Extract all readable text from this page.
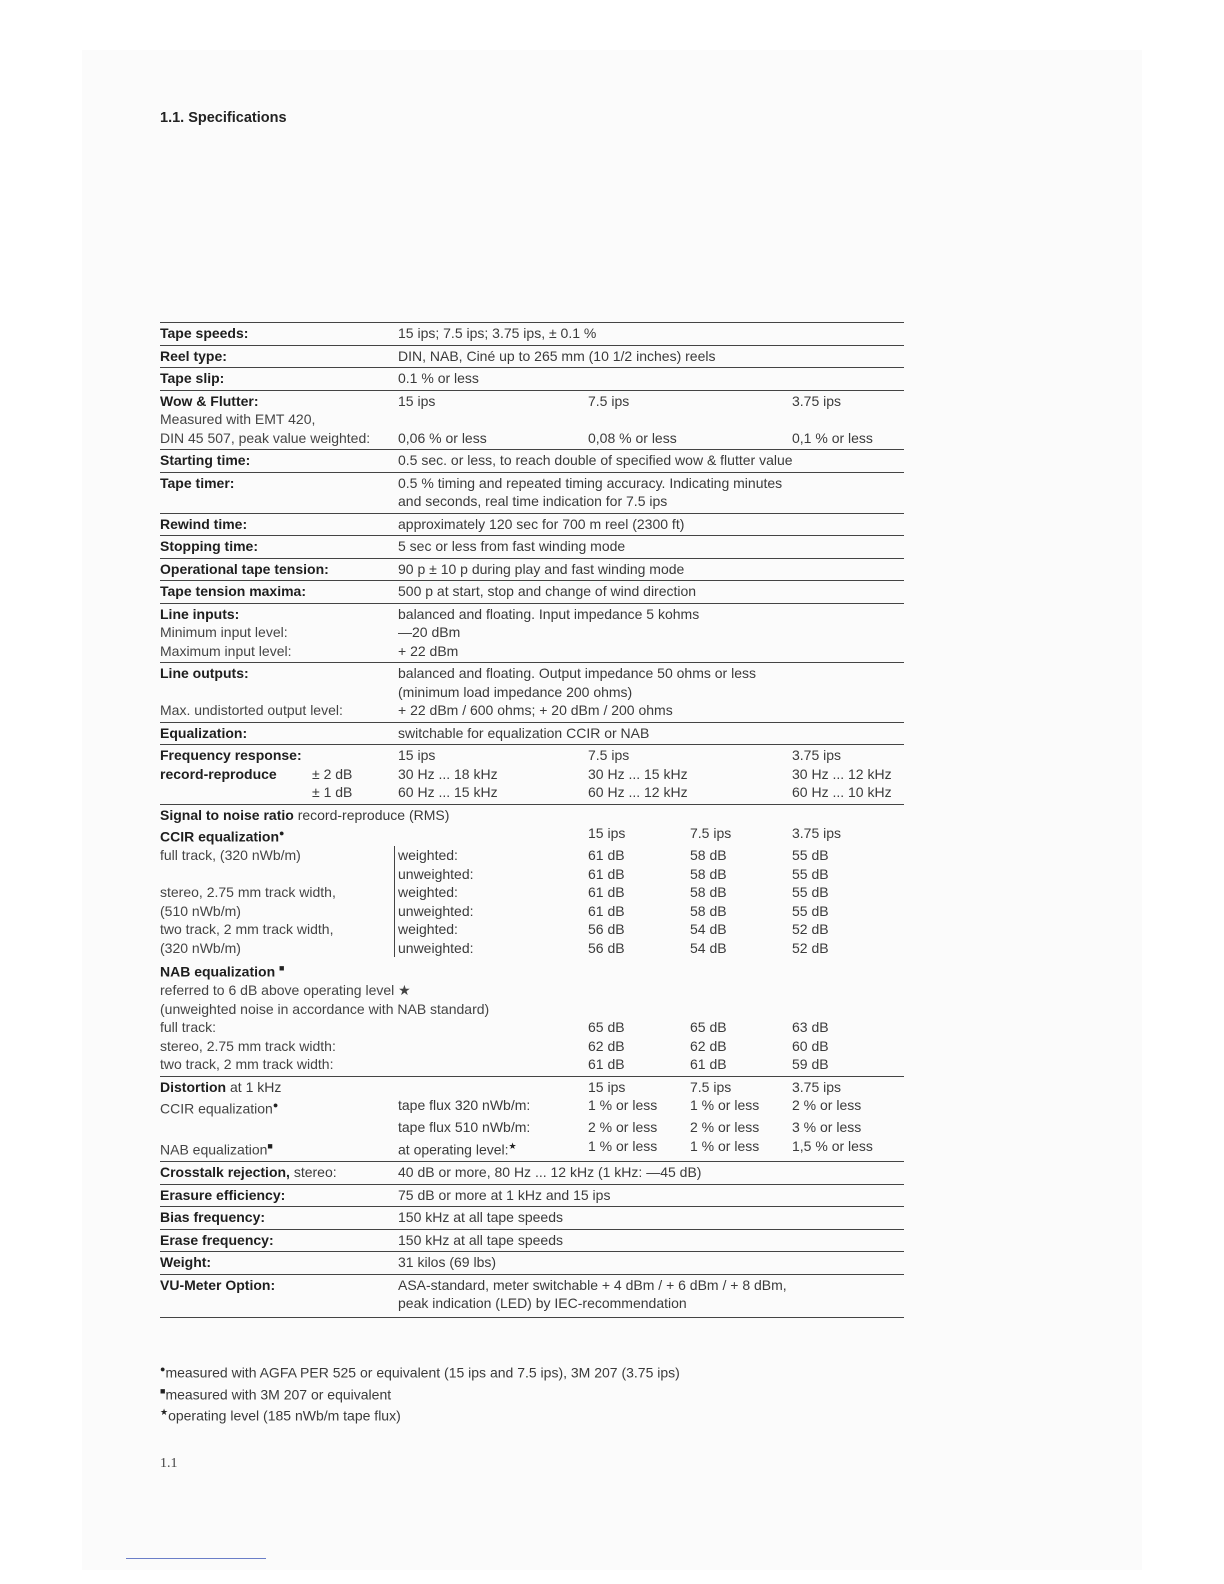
1.1. Specifications
Tape speeds:	15 ips; 7.5 ips; 3.75 ips, ± 0.1 %
Reel type:	DIN, NAB, Ciné up to 265 mm (10 1/2 inches) reels
Tape slip:	0.1 % or less
Wow & Flutter:	15 ips	7.5 ips	3.75 ips
Measured with EMT 420,
DIN 45 507, peak value weighted:	0,06 % or less	0,08 % or less	0,1 % or less
Starting time:	0.5 sec. or less, to reach double of specified wow & flutter value
Tape timer:	0.5 % timing and repeated timing accuracy. Indicating minutes
and seconds, real time indication for 7.5 ips
Rewind time:	approximately 120 sec for 700 m reel (2300 ft)
Stopping time:	5 sec or less from fast winding mode
Operational tape tension:	90 p ± 10 p during play and fast winding mode
Tape tension maxima:	500 p at start, stop and change of wind direction
Line inputs:	balanced and floating. Input impedance 5 kohms
Minimum input level:	—20 dBm
Maximum input level:	+ 22 dBm
Line outputs:	balanced and floating. Output impedance 50 ohms or less
(minimum load impedance 200 ohms)
Max. undistorted output level:	+ 22 dBm / 600 ohms; + 20 dBm / 200 ohms
Equalization:	switchable for equalization CCIR or NAB
Frequency response:	15 ips	7.5 ips	3.75 ips
record-reproduce	± 2 dB	30 Hz ... 18 kHz	30 Hz ... 15 kHz	30 Hz ... 12 kHz
± 1 dB	60 Hz ... 15 kHz	60 Hz ... 12 kHz	60 Hz ... 10 kHz
Signal to noise ratio record-reproduce (RMS)
CCIR equalization●	15 ips	7.5 ips	3.75 ips
full track, (320 nWb/m)	weighted:	61 dB	58 dB	55 dB
unweighted:	61 dB	58 dB	55 dB
stereo, 2.75 mm track width,	weighted:	61 dB	58 dB	55 dB
(510 nWb/m)	unweighted:	61 dB	58 dB	55 dB
two track, 2 mm track width,	weighted:	56 dB	54 dB	52 dB
(320 nWb/m)	unweighted:	56 dB	54 dB	52 dB
NAB equalization ■
referred to 6 dB above operating level ★
(unweighted noise in accordance with NAB standard)
full track:	65 dB	65 dB	63 dB
stereo, 2.75 mm track width:	62 dB	62 dB	60 dB
two track, 2 mm track width:	61 dB	61 dB	59 dB
Distortion at 1 kHz	15 ips	7.5 ips	3.75 ips
CCIR equalization●	tape flux 320 nWb/m:	1 % or less	1 % or less	2 % or less
tape flux 510 nWb/m:	2 % or less	2 % or less	3 % or less
NAB equalization■	at operating level:★	1 % or less	1 % or less	1,5 % or less
Crosstalk rejection, stereo:	40 dB or more, 80 Hz ... 12 kHz (1 kHz: —45 dB)
Erasure efficiency:	75 dB or more at 1 kHz and 15 ips
Bias frequency:	150 kHz at all tape speeds
Erase frequency:	150 kHz at all tape speeds
Weight:	31 kilos (69 lbs)
VU-Meter Option:	ASA-standard, meter switchable + 4 dBm / + 6 dBm / + 8 dBm,
peak indication (LED) by IEC-recommendation
●measured with AGFA PER 525 or equivalent (15 ips and 7.5 ips), 3M 207 (3.75 ips)
■measured with 3M 207 or equivalent
★operating level (185 nWb/m tape flux)
1.1
